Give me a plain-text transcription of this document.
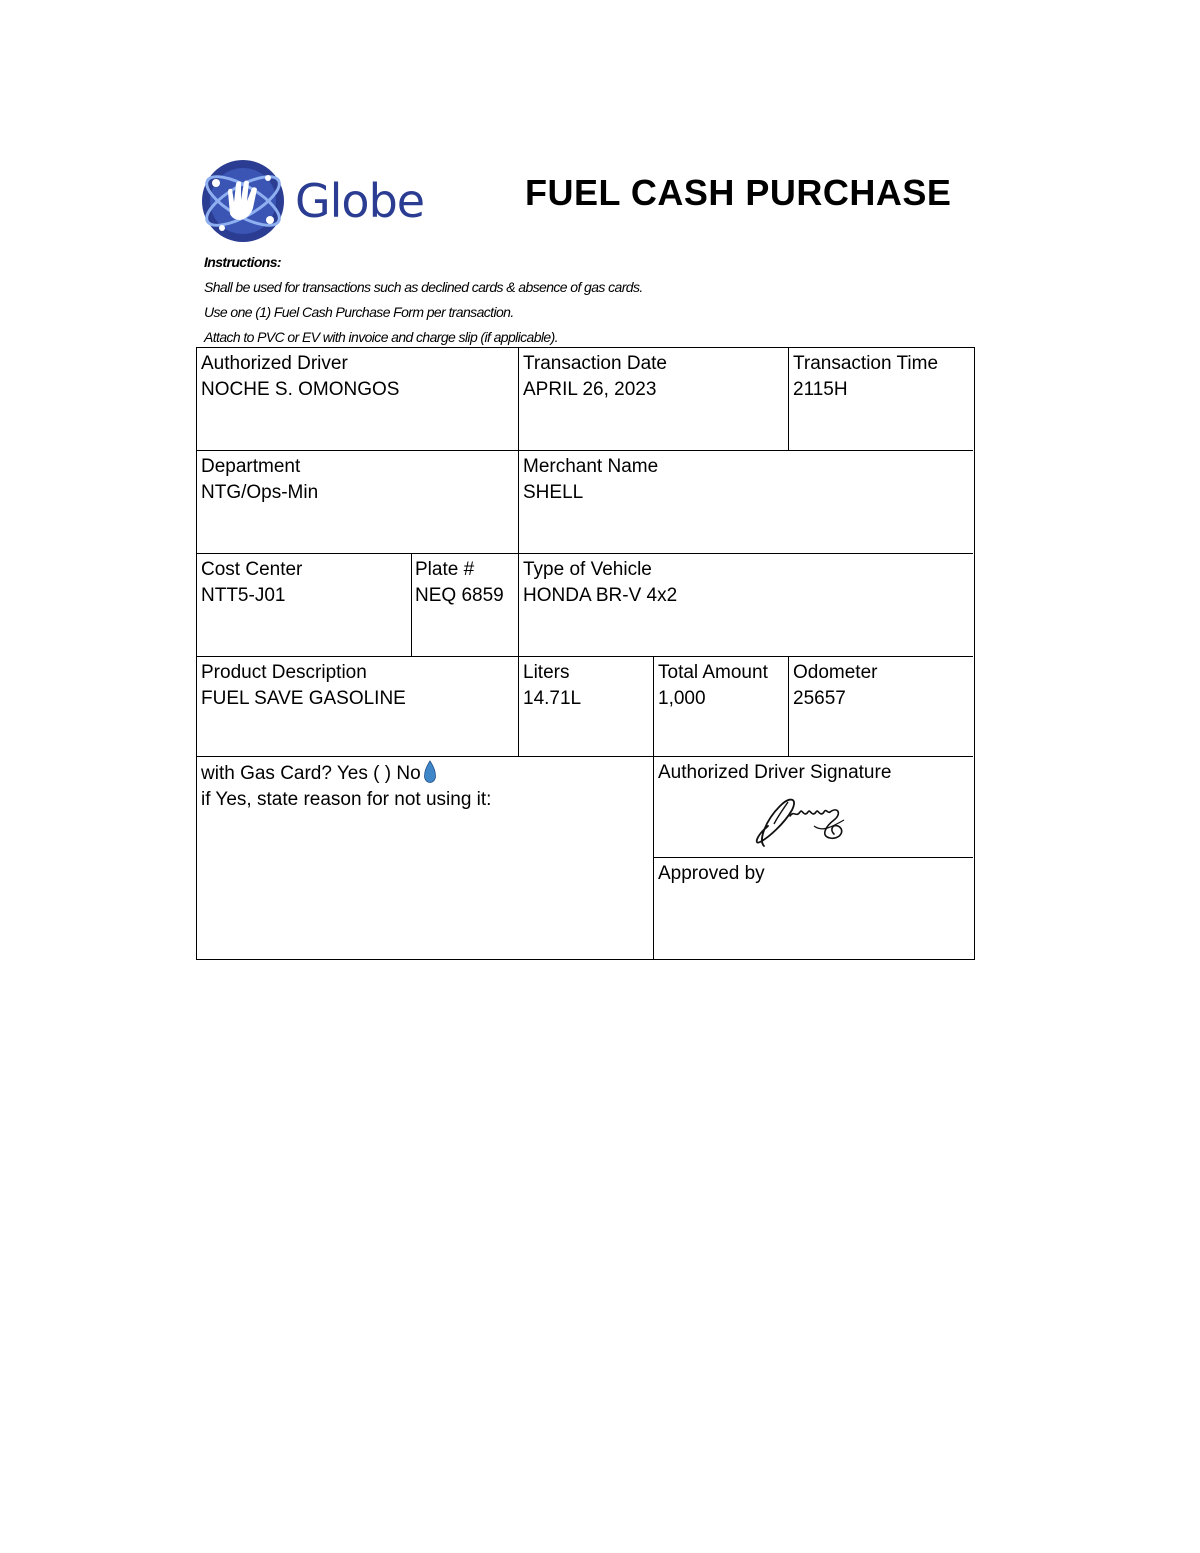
Globe	FUEL CASH PURCHASE
Instructions:
Shall be used for transactions such as declined cards & absence of gas cards.
Use one (1) Fuel Cash Purchase Form per transaction.
Attach to PVC or EV with invoice and charge slip (if applicable).
Authorized Driver
NOCHE S. OMONGOS
Transaction Date
APRIL 26, 2023
Transaction Time
2115H
Department
NTG/Ops-Min
Merchant Name
SHELL
Cost Center
NTT5-J01
Plate #
NEQ 6859
Type of Vehicle
HONDA BR-V 4x2
Product Description
FUEL SAVE GASOLINE
Liters
14.71L
Total Amount
1,000
Odometer
25657
with Gas Card? Yes ( ) No
if Yes, state reason for not using it:
Authorized Driver Signature
Approved by
